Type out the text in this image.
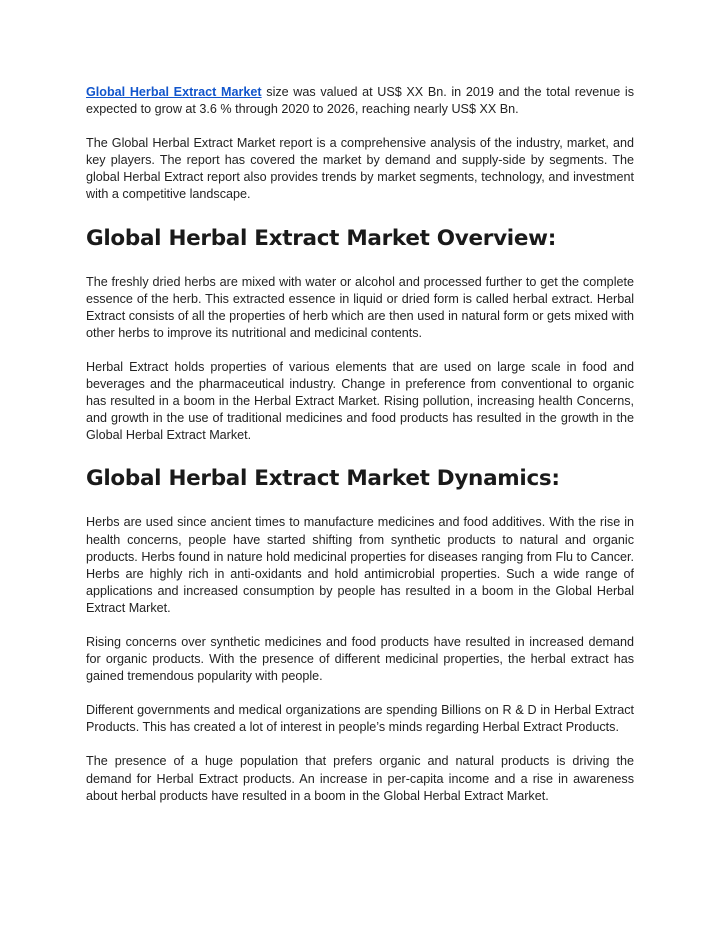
Global Herbal Extract Market size was valued at US$ XX Bn. in 2019 and the total revenue is expected to grow at 3.6 % through 2020 to 2026, reaching nearly US$ XX Bn.

The Global Herbal Extract Market report is a comprehensive analysis of the industry, market, and key players. The report has covered the market by demand and supply-side by segments. The global Herbal Extract report also provides trends by market segments, technology, and investment with a competitive landscape.

Global Herbal Extract Market Overview:

The freshly dried herbs are mixed with water or alcohol and processed further to get the complete essence of the herb. This extracted essence in liquid or dried form is called herbal extract. Herbal Extract consists of all the properties of herb which are then used in natural form or gets mixed with other herbs to improve its nutritional and medicinal contents.

Herbal Extract holds properties of various elements that are used on large scale in food and beverages and the pharmaceutical industry. Change in preference from conventional to organic has resulted in a boom in the Herbal Extract Market. Rising pollution, increasing health Concerns, and growth in the use of traditional medicines and food products has resulted in the growth in the Global Herbal Extract Market.

Global Herbal Extract Market Dynamics:

Herbs are used since ancient times to manufacture medicines and food additives. With the rise in health concerns, people have started shifting from synthetic products to natural and organic products. Herbs found in nature hold medicinal properties for diseases ranging from Flu to Cancer. Herbs are highly rich in anti-oxidants and hold antimicrobial properties. Such a wide range of applications and increased consumption by people has resulted in a boom in the Global Herbal Extract Market.

Rising concerns over synthetic medicines and food products have resulted in increased demand for organic products. With the presence of different medicinal properties, the herbal extract has gained tremendous popularity with people.

Different governments and medical organizations are spending Billions on R & D in Herbal Extract Products. This has created a lot of interest in people’s minds regarding Herbal Extract Products.

The presence of a huge population that prefers organic and natural products is driving the demand for Herbal Extract products. An increase in per-capita income and a rise in awareness about herbal products have resulted in a boom in the Global Herbal Extract Market.
